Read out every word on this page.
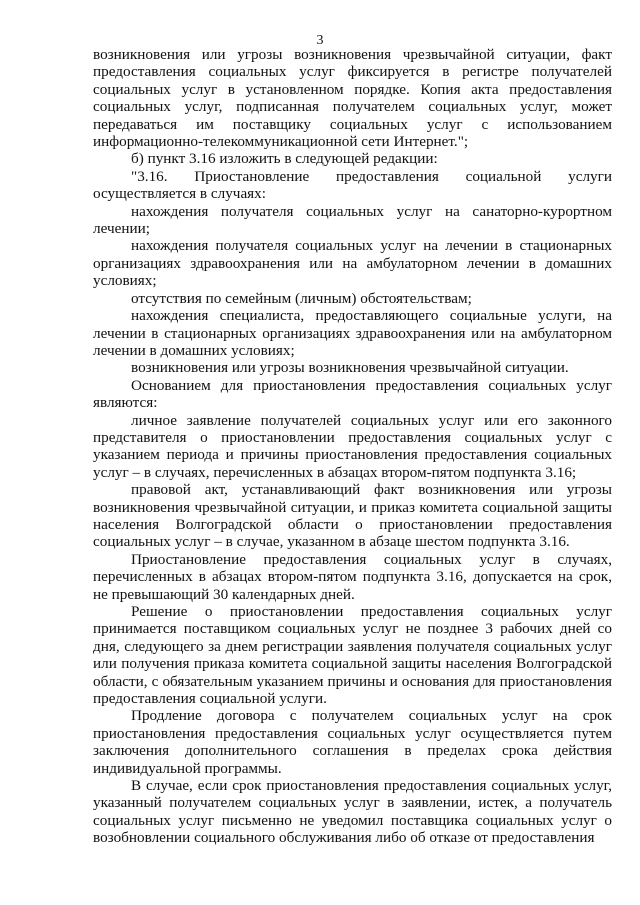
3

возникновения или угрозы возникновения чрезвычайной ситуации, факт предоставления социальных услуг фиксируется в регистре получателей социальных услуг в установленном порядке. Копия акта предоставления социальных услуг, подписанная получателем социальных услуг, может передаваться им поставщику социальных услуг с использованием информационно-телекоммуникационной сети Интернет.";

б) пункт 3.16 изложить в следующей редакции:

"3.16. Приостановление предоставления социальной услуги осуществляется в случаях:

нахождения получателя социальных услуг на санаторно-курортном лечении;

нахождения получателя социальных услуг на лечении в стационарных организациях здравоохранения или на амбулаторном лечении в домашних условиях;

отсутствия по семейным (личным) обстоятельствам;

нахождения специалиста, предоставляющего социальные услуги, на лечении в стационарных организациях здравоохранения или на амбулаторном лечении в домашних условиях;

возникновения или угрозы возникновения чрезвычайной ситуации.

Основанием для приостановления предоставления социальных услуг являются:

личное заявление получателей социальных услуг или его законного представителя о приостановлении предоставления социальных услуг с указанием периода и причины приостановления предоставления социальных услуг – в случаях, перечисленных в абзацах втором-пятом подпункта 3.16;

правовой акт, устанавливающий факт возникновения или угрозы возникновения чрезвычайной ситуации, и приказ комитета социальной защиты населения Волгоградской области о приостановлении предоставления социальных услуг – в случае, указанном в абзаце шестом подпункта 3.16.

Приостановление предоставления социальных услуг в случаях, перечисленных в абзацах втором-пятом подпункта 3.16, допускается на срок, не превышающий 30 календарных дней.

Решение о приостановлении предоставления социальных услуг принимается поставщиком социальных услуг не позднее 3 рабочих дней со дня, следующего за днем регистрации заявления получателя социальных услуг или получения приказа комитета социальной защиты населения Волгоградской области, с обязательным указанием причины и основания для приостановления предоставления социальной услуги.

Продление договора с получателем социальных услуг на срок приостановления предоставления социальных услуг осуществляется путем заключения дополнительного соглашения в пределах срока действия индивидуальной программы.

В случае, если срок приостановления предоставления социальных услуг, указанный получателем социальных услуг в заявлении, истек, а получатель социальных услуг письменно не уведомил поставщика социальных услуг о возобновлении социального обслуживания либо об отказе от предоставления
